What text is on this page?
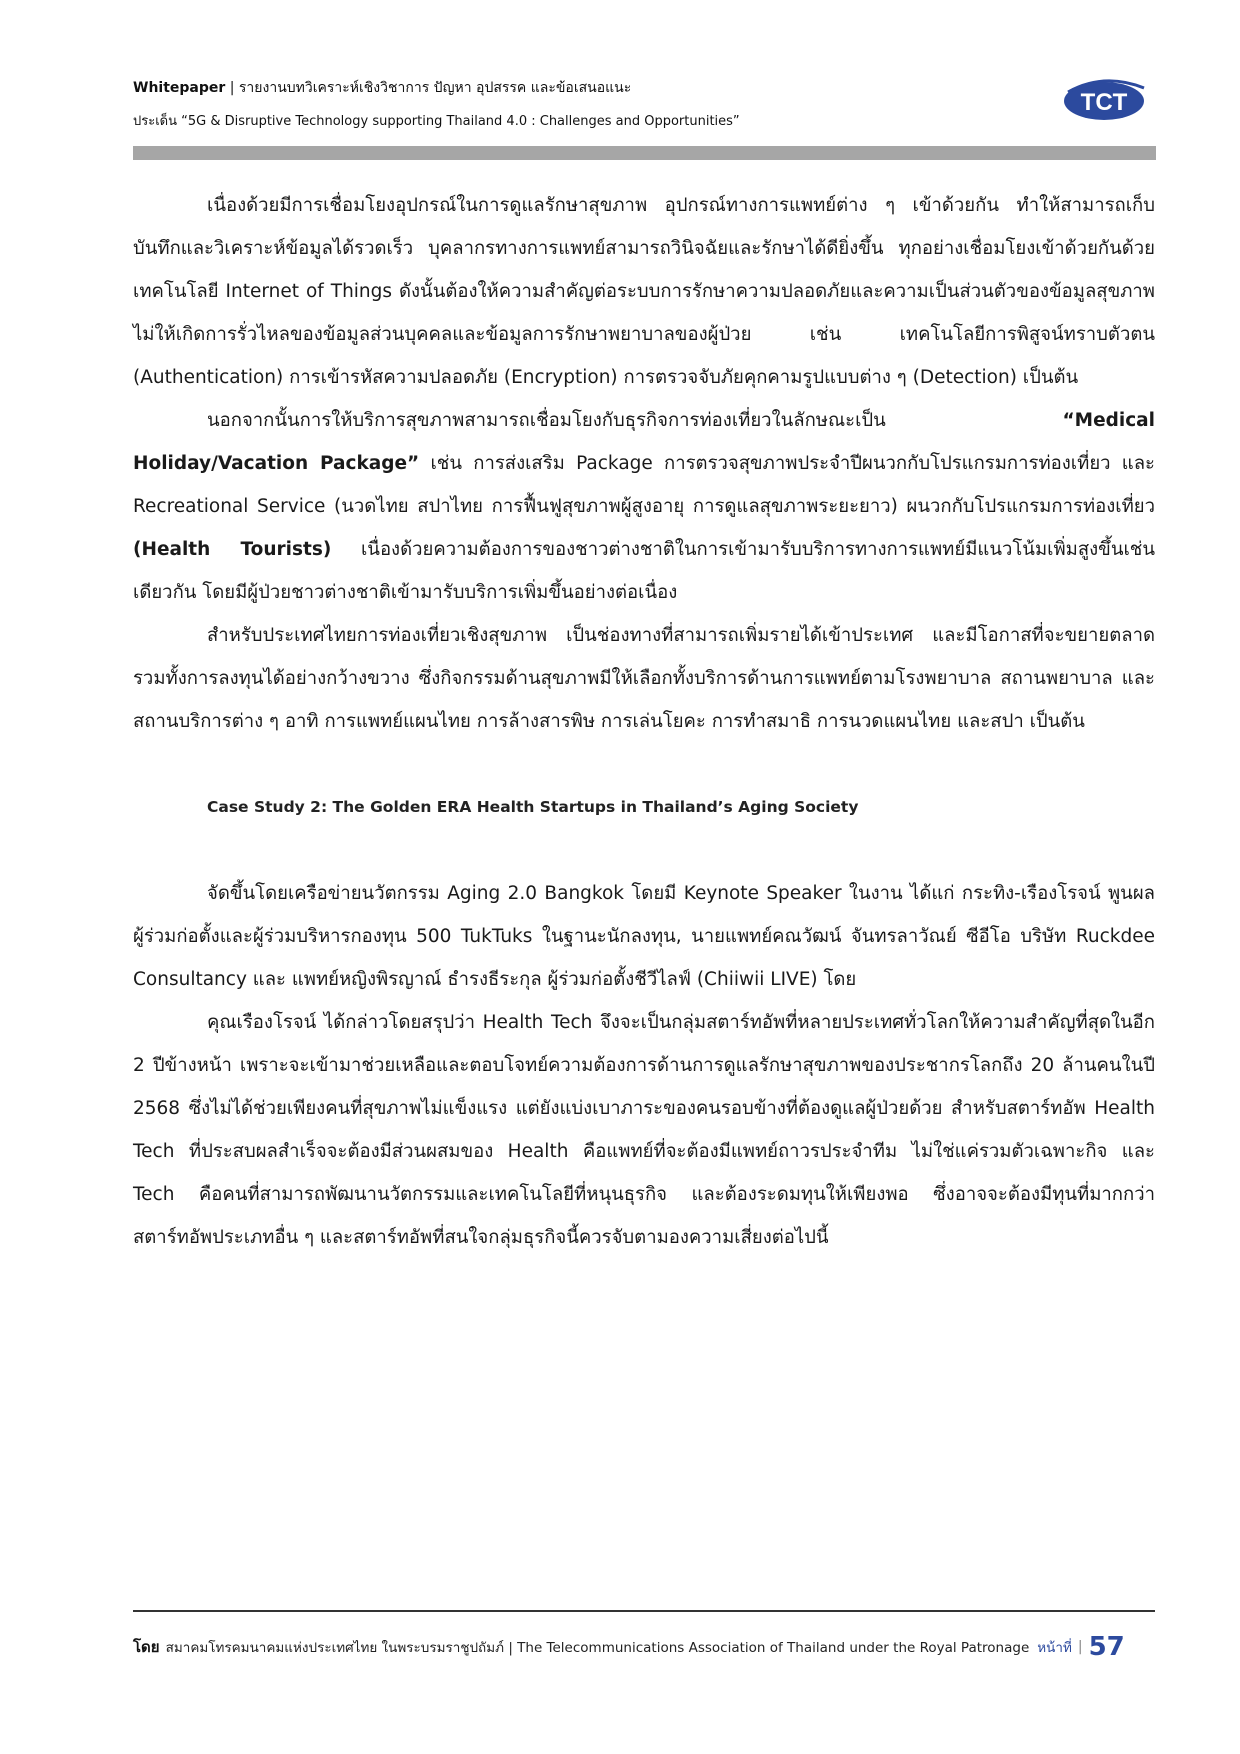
Whitepaper | รายงานบทวิเคราะห์เชิงวิชาการ ปัญหา อุปสรรค และข้อเสนอแนะ
ประเด็น “5G & Disruptive Technology supporting Thailand 4.0 : Challenges and Opportunities”
TCT

เนื่องด้วยมีการเชื่อมโยงอุปกรณ์ในการดูแลรักษาสุขภาพ อุปกรณ์ทางการแพทย์ต่าง ๆ เข้าด้วยกัน ทำให้สามารถเก็บบันทึกและวิเคราะห์ข้อมูลได้รวดเร็ว บุคลากรทางการแพทย์สามารถวินิจฉัยและรักษาได้ดียิ่งขึ้น ทุกอย่างเชื่อมโยงเข้าด้วยกันด้วยเทคโนโลยี Internet of Things ดังนั้นต้องให้ความสำคัญต่อระบบการรักษาความปลอดภัยและความเป็นส่วนตัวของข้อมูลสุขภาพ ไม่ให้เกิดการรั่วไหลของข้อมูลส่วนบุคคลและข้อมูลการรักษาพยาบาลของผู้ป่วย เช่น เทคโนโลยีการพิสูจน์ทราบตัวตน (Authentication) การเข้ารหัสความปลอดภัย (Encryption) การตรวจจับภัยคุกคามรูปแบบต่าง ๆ (Detection) เป็นต้น

นอกจากนั้นการให้บริการสุขภาพสามารถเชื่อมโยงกับธุรกิจการท่องเที่ยวในลักษณะเป็น “Medical Holiday/Vacation Package” เช่น การส่งเสริม Package การตรวจสุขภาพประจำปีผนวกกับโปรแกรมการท่องเที่ยว และ Recreational Service (นวดไทย สปาไทย การฟื้นฟูสุขภาพผู้สูงอายุ การดูแลสุขภาพระยะยาว) ผนวกกับโปรแกรมการท่องเที่ยว (Health Tourists) เนื่องด้วยความต้องการของชาวต่างชาติในการเข้ามารับบริการทางการแพทย์มีแนวโน้มเพิ่มสูงขึ้นเช่นเดียวกัน โดยมีผู้ป่วยชาวต่างชาติเข้ามารับบริการเพิ่มขึ้นอย่างต่อเนื่อง

สำหรับประเทศไทยการท่องเที่ยวเชิงสุขภาพ เป็นช่องทางที่สามารถเพิ่มรายได้เข้าประเทศ และมีโอกาสที่จะขยายตลาดรวมทั้งการลงทุนได้อย่างกว้างขวาง ซึ่งกิจกรรมด้านสุขภาพมีให้เลือกทั้งบริการด้านการแพทย์ตามโรงพยาบาล สถานพยาบาล และสถานบริการต่าง ๆ อาทิ การแพทย์แผนไทย การล้างสารพิษ การเล่นโยคะ การทำสมาธิ การนวดแผนไทย และสปา เป็นต้น

Case Study 2: The Golden ERA Health Startups in Thailand’s Aging Society

จัดขึ้นโดยเครือข่ายนวัตกรรม Aging 2.0 Bangkok โดยมี Keynote Speaker ในงาน ได้แก่ กระทิง-เรืองโรจน์ พูนผล ผู้ร่วมก่อตั้งและผู้ร่วมบริหารกองทุน 500 TukTuks ในฐานะนักลงทุน, นายแพทย์คณวัฒน์ จันทรลาวัณย์ ซีอีโอ บริษัท Ruckdee Consultancy และ แพทย์หญิงพิรญาณ์ ธำรงธีระกุล ผู้ร่วมก่อตั้งชีวีไลฟ์ (Chiiwii LIVE) โดย

คุณเรืองโรจน์ ได้กล่าวโดยสรุปว่า Health Tech จึงจะเป็นกลุ่มสตาร์ทอัพที่หลายประเทศทั่วโลกให้ความสำคัญที่สุดในอีก 2 ปีข้างหน้า เพราะจะเข้ามาช่วยเหลือและตอบโจทย์ความต้องการด้านการดูแลรักษาสุขภาพของประชากรโลกถึง 20 ล้านคนในปี 2568 ซึ่งไม่ได้ช่วยเพียงคนที่สุขภาพไม่แข็งแรง แต่ยังแบ่งเบาภาระของคนรอบข้างที่ต้องดูแลผู้ป่วยด้วย สำหรับสตาร์ทอัพ Health Tech ที่ประสบผลสำเร็จจะต้องมีส่วนผสมของ Health คือแพทย์ที่จะต้องมีแพทย์ถาวรประจำทีม ไม่ใช่แค่รวมตัวเฉพาะกิจ และ Tech คือคนที่สามารถพัฒนานวัตกรรมและเทคโนโลยีที่หนุนธุรกิจ และต้องระดมทุนให้เพียงพอ ซึ่งอาจจะต้องมีทุนที่มากกว่าสตาร์ทอัพประเภทอื่น ๆ และสตาร์ทอัพที่สนใจกลุ่มธุรกิจนี้ควรจับตามองความเสี่ยงต่อไปนี้

โดย สมาคมโทรคมนาคมแห่งประเทศไทย ในพระบรมราชูปถัมภ์ | The Telecommunications Association of Thailand under the Royal Patronage หน้าที่ | 57
